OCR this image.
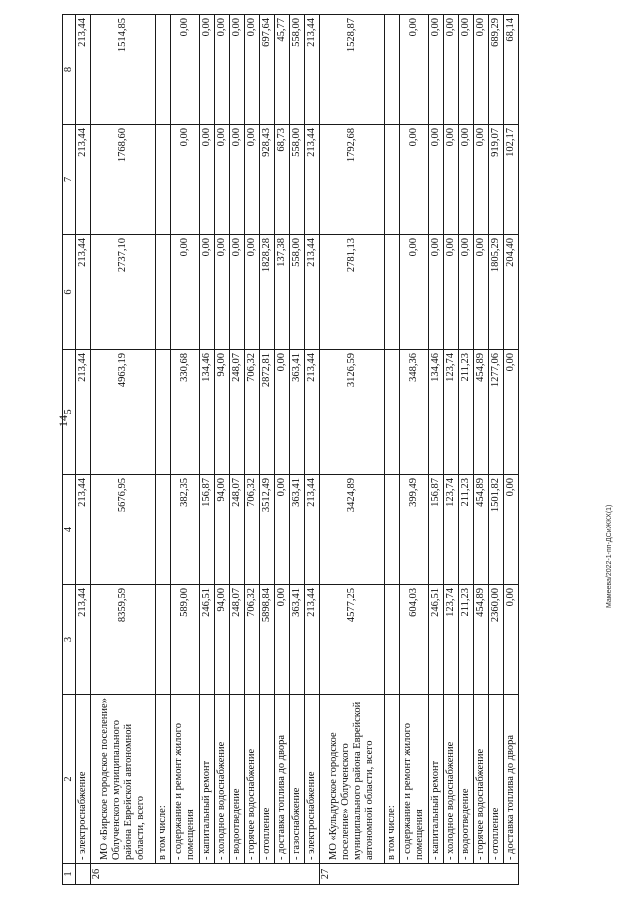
14
Мамеева/2022-1-пп-ДСиЖКХ(1)
1	2	3	4	5	6	7	8
	- электроснабжение	213,44	213,44	213,44	213,44	213,44	213,44
26	МО «Бирское городское поселение» Облученского муниципального района Еврейской автономной области, всего	8359,59	5676,95	4963,19	2737,10	1768,60	1514,85
	в том числе:						
	- содержание и ремонт жилого помещения	589,00	382,35	330,68	0,00	0,00	0,00
	- капитальный ремонт	246,51	156,87	134,46	0,00	0,00	0,00
	- холодное водоснабжение	94,00	94,00	94,00	0,00	0,00	0,00
	- водоотведение	248,07	248,07	248,07	0,00	0,00	0,00
	- горячее водоснабжение	706,32	706,32	706,32	0,00	0,00	0,00
	- отопление	5898,84	3512,49	2872,81	1828,28	928,43	697,64
	- доставка топлива до двора	0,00	0,00	0,00	137,38	68,73	45,77
	- газоснабжение	363,41	363,41	363,41	558,00	558,00	558,00
	- электроснабжение	213,44	213,44	213,44	213,44	213,44	213,44
27	МО «Кульдурское городское поселение» Облученского муниципального района Еврейской автономной области, всего	4577,25	3424,89	3126,59	2781,13	1792,68	1528,87
	в том числе:						
	- содержание и ремонт жилого помещения	604,03	399,49	348,36	0,00	0,00	0,00
	- капитальный ремонт	246,51	156,87	134,46	0,00	0,00	0,00
	- холодное водоснабжение	123,74	123,74	123,74	0,00	0,00	0,00
	- водоотведение	211,23	211,23	211,23	0,00	0,00	0,00
	- горячее водоснабжение	454,89	454,89	454,89	0,00	0,00	0,00
	- отопление	2360,00	1501,82	1277,06	1805,29	919,07	689,29
	- доставка топлива до двора	0,00	0,00	0,00	204,40	102,17	68,14
